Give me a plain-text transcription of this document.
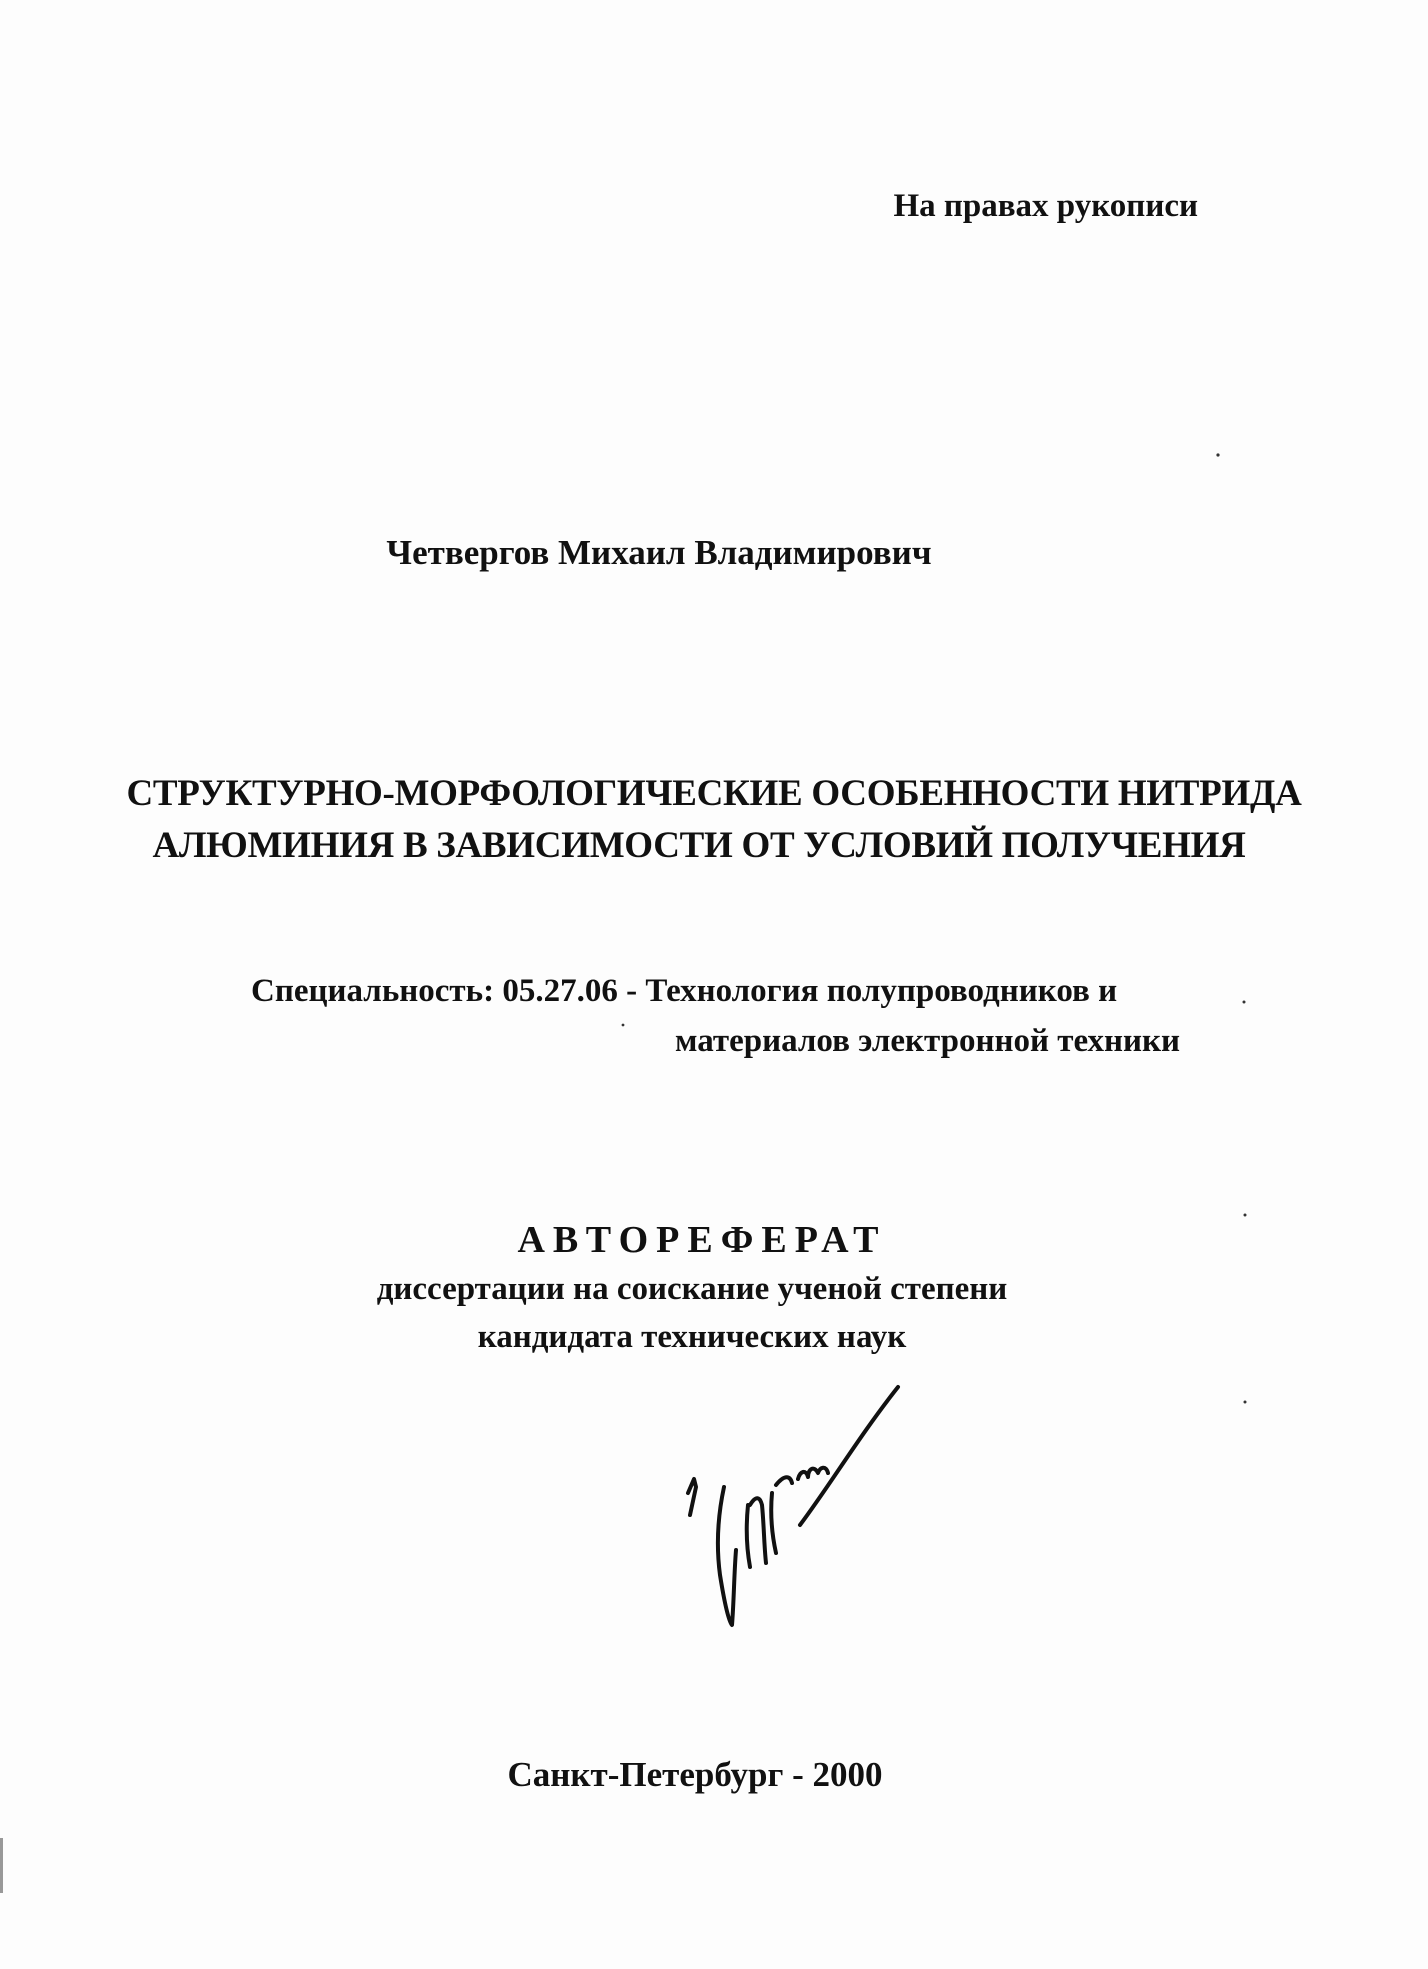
На правах рукописи
Четвергов Михаил Владимирович
СТРУКТУРНО-МОРФОЛОГИЧЕСКИЕ ОСОБЕННОСТИ НИТРИДА
АЛЮМИНИЯ В ЗАВИСИМОСТИ ОТ УСЛОВИЙ ПОЛУЧЕНИЯ
Специальность: 05.27.06 - Технология полупроводников и
материалов электронной техники
АВТОРЕФЕРАТ
диссертации на соискание ученой степени
кандидата технических наук
Санкт-Петербург - 2000
